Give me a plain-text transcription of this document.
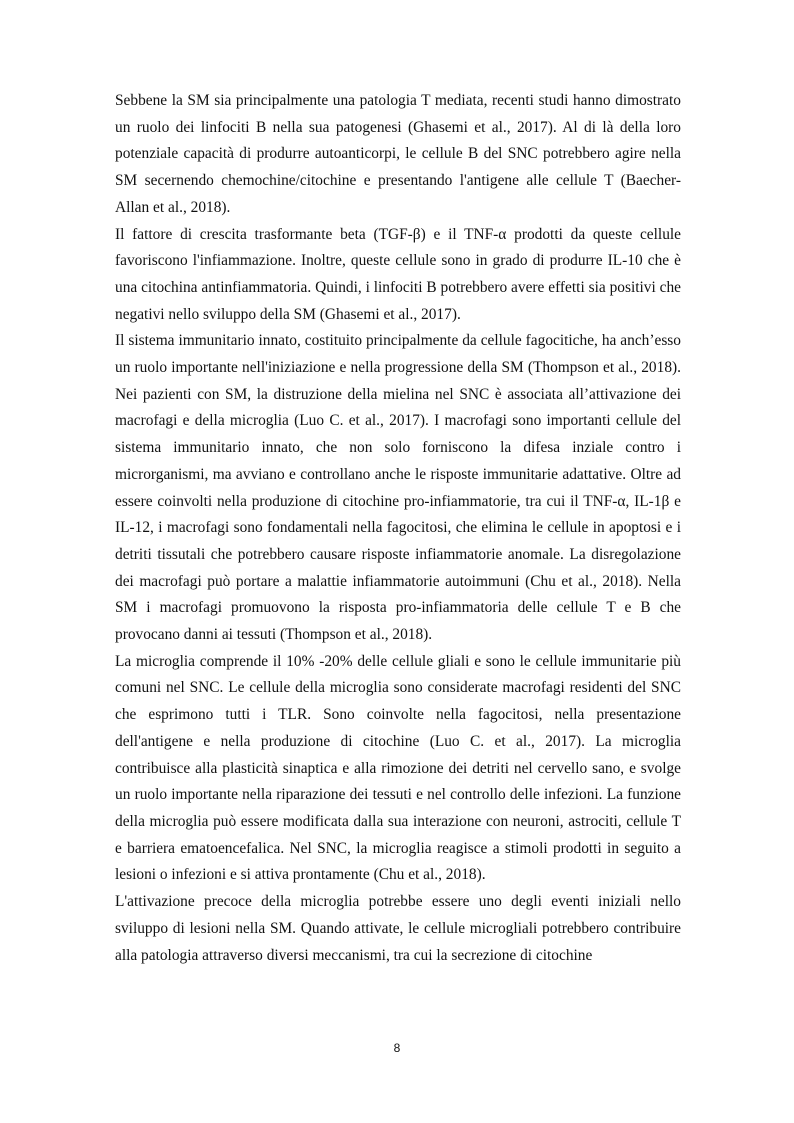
Sebbene la SM sia principalmente una patologia T mediata, recenti studi hanno dimostrato un ruolo dei linfociti B nella sua patogenesi (Ghasemi et al., 2017). Al di là della loro potenziale capacità di produrre autoanticorpi, le cellule B del SNC potrebbero agire nella SM secernendo chemochine/citochine e presentando l'antigene alle cellule T (Baecher-Allan et al., 2018).

Il fattore di crescita trasformante beta (TGF-β) e il TNF-α prodotti da queste cellule favoriscono l'infiammazione. Inoltre, queste cellule sono in grado di produrre IL-10 che è una citochina antinfiammatoria. Quindi, i linfociti B potrebbero avere effetti sia positivi che negativi nello sviluppo della SM (Ghasemi et al., 2017).

Il sistema immunitario innato, costituito principalmente da cellule fagocitiche, ha anch’esso un ruolo importante nell'iniziazione e nella progressione della SM (Thompson et al., 2018). Nei pazienti con SM, la distruzione della mielina nel SNC è associata all’attivazione dei macrofagi e della microglia (Luo C. et al., 2017). I macrofagi sono importanti cellule del sistema immunitario innato, che non solo forniscono la difesa inziale contro i microrganismi, ma avviano e controllano anche le risposte immunitarie adattative. Oltre ad essere coinvolti nella produzione di citochine pro-infiammatorie, tra cui il TNF-α, IL-1β e IL-12, i macrofagi sono fondamentali nella fagocitosi, che elimina le cellule in apoptosi e i detriti tissutali che potrebbero causare risposte infiammatorie anomale. La disregolazione dei macrofagi può portare a malattie infiammatorie autoimmuni (Chu et al., 2018). Nella SM i macrofagi promuovono la risposta pro-infiammatoria delle cellule T e B che provocano danni ai tessuti (Thompson et al., 2018).

La microglia comprende il 10% -20% delle cellule gliali e sono le cellule immunitarie più comuni nel SNC. Le cellule della microglia sono considerate macrofagi residenti del SNC che esprimono tutti i TLR. Sono coinvolte nella fagocitosi, nella presentazione dell'antigene e nella produzione di citochine (Luo C. et al., 2017). La microglia contribuisce alla plasticità sinaptica e alla rimozione dei detriti nel cervello sano, e svolge un ruolo importante nella riparazione dei tessuti e nel controllo delle infezioni. La funzione della microglia può essere modificata dalla sua interazione con neuroni, astrociti, cellule T e barriera ematoencefalica. Nel SNC, la microglia reagisce a stimoli prodotti in seguito a lesioni o infezioni e si attiva prontamente (Chu et al., 2018).

L'attivazione precoce della microglia potrebbe essere uno degli eventi iniziali nello sviluppo di lesioni nella SM. Quando attivate, le cellule microgliali potrebbero contribuire alla patologia attraverso diversi meccanismi, tra cui la secrezione di citochine

8
